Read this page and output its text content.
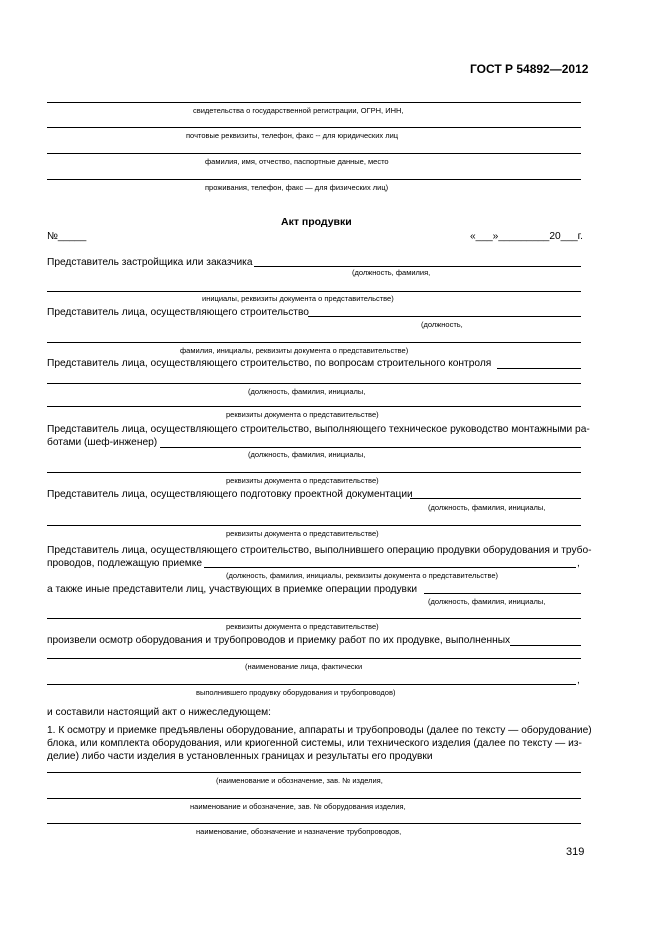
ГОСТ Р 54892—2012
свидетельства о государственной регистрации, ОГРН, ИНН,
почтовые реквизиты, телефон, факс -- для юридических лиц
фамилия, имя, отчество, паспортные данные, место
проживания, телефон, факс — для физических лиц)
Акт продувки
№_____	«___»_________20___г.
Представитель застройщика или заказчика
(должность, фамилия,
инициалы, реквизиты документа о представительстве)
Представитель лица, осуществляющего строительство
(должность,
фамилия, инициалы, реквизиты документа о представительстве)
Представитель лица, осуществляющего строительство, по вопросам строительного контроля
(должность, фамилия, инициалы,
реквизиты документа о представительстве)
Представитель лица, осуществляющего строительство, выполняющего техническое руководство монтажными ра-
ботами (шеф-инженер)
(должность, фамилия, инициалы,
реквизиты документа о представительстве)
Представитель лица, осуществляющего подготовку проектной документации
(должность, фамилия, инициалы,
реквизиты документа о представительстве)
Представитель лица, осуществляющего строительство, выполнившего операцию продувки оборудования и трубо-
проводов, подлежащую приемке	,
(должность, фамилия, инициалы, реквизиты документа о представительстве)
а также иные представители лиц, участвующих в приемке операции продувки
(должность, фамилия, инициалы,
реквизиты документа о представительстве)
произвели осмотр оборудования и трубопроводов и приемку работ по их продувке, выполненных
(наименование лица, фактически
,
выполнившего продувку оборудования и трубопроводов)
и составили настоящий акт о нижеследующем:
1. К осмотру и приемке предъявлены оборудование, аппараты и трубопроводы (далее по тексту — оборудование)
блока, или комплекта оборудования, или криогенной системы, или технического изделия (далее по тексту — из-
делие) либо части изделия в установленных границах и результаты его продувки
(наименование и обозначение, зав. № изделия,
наименование и обозначение, зав. № оборудования изделия,
наименование, обозначение и назначение трубопроводов,
319
